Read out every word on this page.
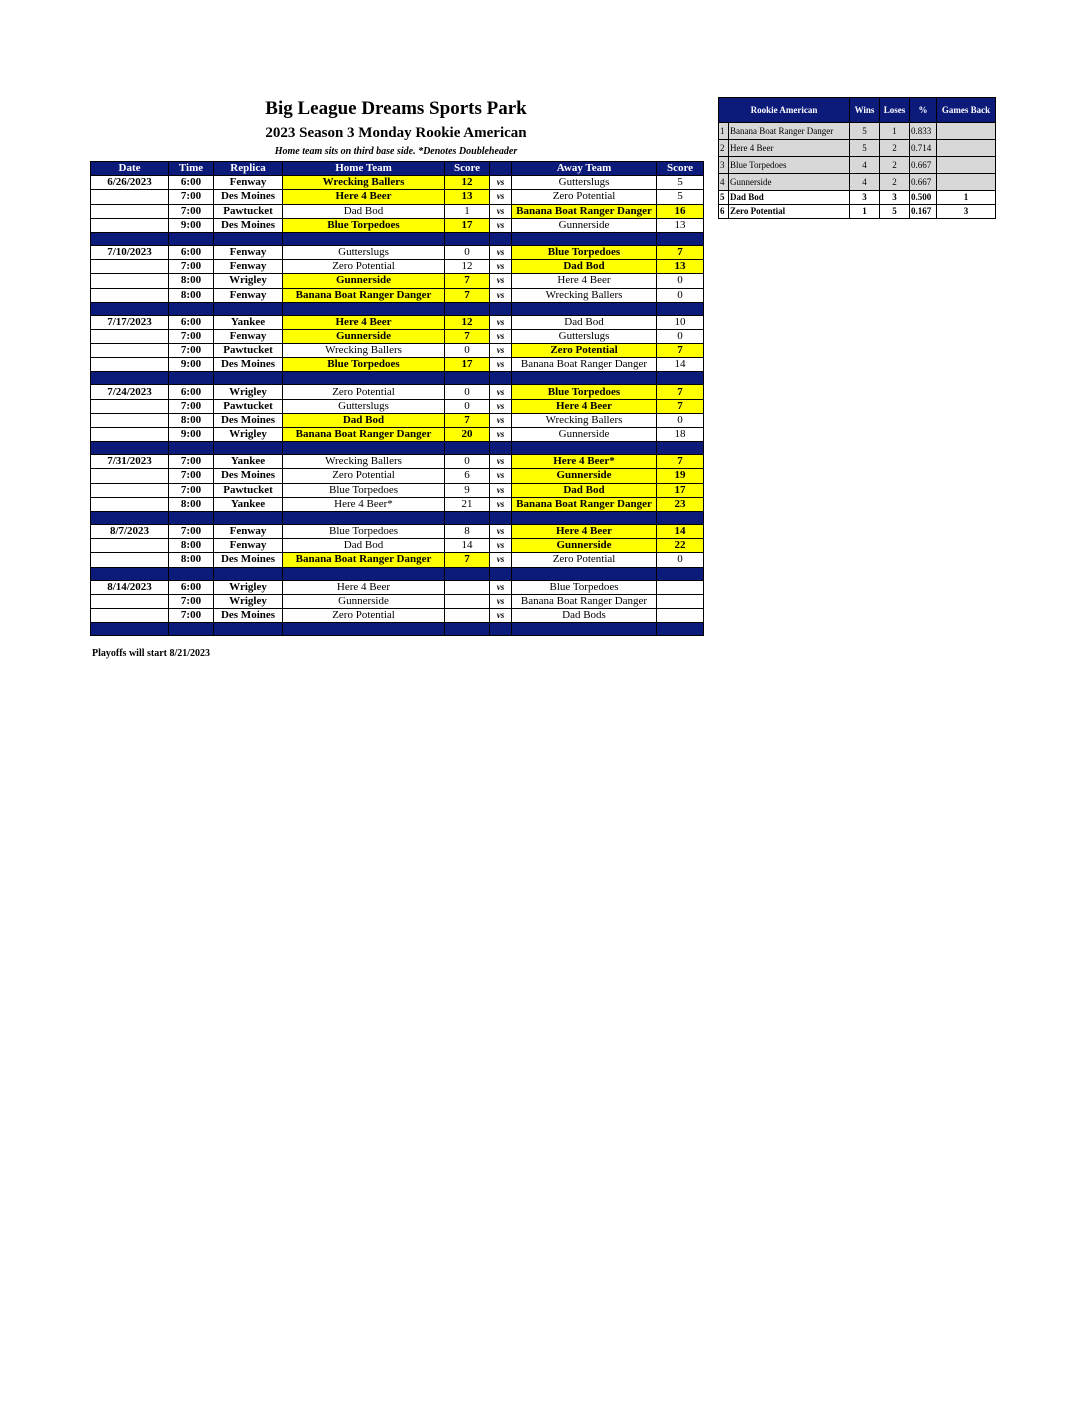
Big League Dreams Sports Park
2023 Season 3 Monday Rookie American
Home team sits on third base side. *Denotes Doubleheader
Date	Time	Replica	Home Team	Score		Away Team	Score
6/26/2023	6:00	Fenway	Wrecking Ballers	12	vs	Gutterslugs	5
	7:00	Des Moines	Here 4 Beer	13	vs	Zero Potential	5
	7:00	Pawtucket	Dad Bod	1	vs	Banana Boat Ranger Danger	16
	9:00	Des Moines	Blue Torpedoes	17	vs	Gunnerside	13

7/10/2023	6:00	Fenway	Gutterslugs	0	vs	Blue Torpedoes	7
	7:00	Fenway	Zero Potential	12	vs	Dad Bod	13
	8:00	Wrigley	Gunnerside	7	vs	Here 4 Beer	0
	8:00	Fenway	Banana Boat Ranger Danger	7	vs	Wrecking Ballers	0

7/17/2023	6:00	Yankee	Here 4 Beer	12	vs	Dad Bod	10
	7:00	Fenway	Gunnerside	7	vs	Gutterslugs	0
	7:00	Pawtucket	Wrecking Ballers	0	vs	Zero Potential	7
	9:00	Des Moines	Blue Torpedoes	17	vs	Banana Boat Ranger Danger	14

7/24/2023	6:00	Wrigley	Zero Potential	0	vs	Blue Torpedoes	7
	7:00	Pawtucket	Gutterslugs	0	vs	Here 4 Beer	7
	8:00	Des Moines	Dad Bod	7	vs	Wrecking Ballers	0
	9:00	Wrigley	Banana Boat Ranger Danger	20	vs	Gunnerside	18

7/31/2023	7:00	Yankee	Wrecking Ballers	0	vs	Here 4 Beer*	7
	7:00	Des Moines	Zero Potential	6	vs	Gunnerside	19
	7:00	Pawtucket	Blue Torpedoes	9	vs	Dad Bod	17
	8:00	Yankee	Here 4 Beer*	21	vs	Banana Boat Ranger Danger	23

8/7/2023	7:00	Fenway	Blue Torpedoes	8	vs	Here 4 Beer	14
	8:00	Fenway	Dad Bod	14	vs	Gunnerside	22
	8:00	Des Moines	Banana Boat Ranger Danger	7	vs	Zero Potential	0

8/14/2023	6:00	Wrigley	Here 4 Beer		vs	Blue Torpedoes	
	7:00	Wrigley	Gunnerside		vs	Banana Boat Ranger Danger	
	7:00	Des Moines	Zero Potential		vs	Dad Bods	

Playoffs will start 8/21/2023
Rookie American		Wins	Loses	%	Games Back
1	Banana Boat Ranger Danger	5	1	0.833	
2	Here 4 Beer	5	2	0.714	
3	Blue Torpedoes	4	2	0.667	
4	Gunnerside	4	2	0.667	
5	Dad Bod	3	3	0.500	1
6	Zero Potential	1	5	0.167	3
